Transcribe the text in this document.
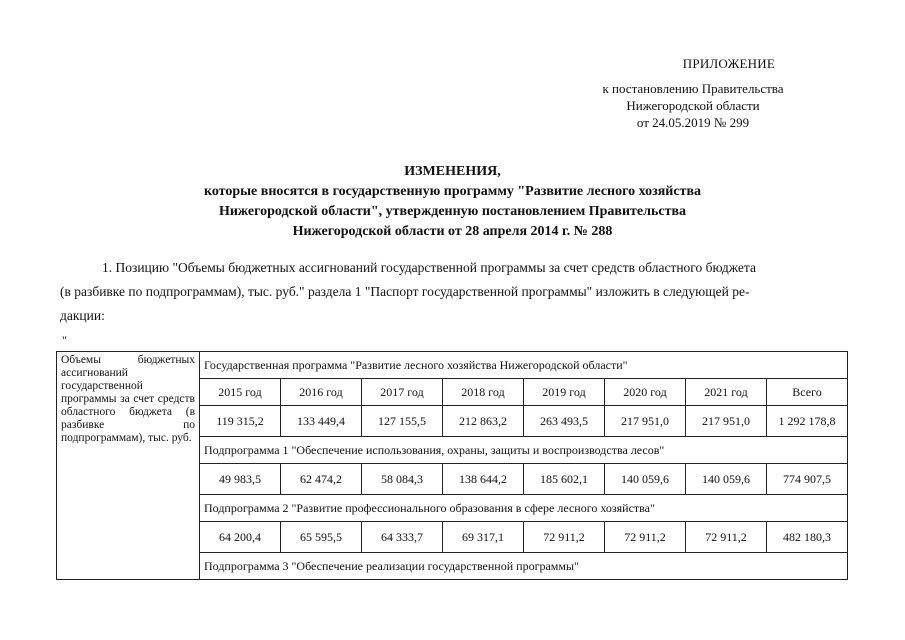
ПРИЛОЖЕНИЕ
к постановлению Правительства
Нижегородской области
от 24.05.2019 № 299
ИЗМЕНЕНИЯ,
которые вносятся в государственную программу "Развитие лесного хозяйства
Нижегородской области", утвержденную постановлением Правительства
Нижегородской области от 28 апреля 2014 г. № 288
1. Позицию "Объемы бюджетных ассигнований государственной программы за счет средств областного бюджета
(в разбивке по подпрограммам), тыс. руб." раздела 1 "Паспорт государственной программы" изложить в следующей ре-
дакции:
"
Объемы бюджетных ассигнований государственной программы за счет средств областного бюджета (в разбивке по подпрограммам), тыс. руб.	Государственная программа "Развитие лесного хозяйства Нижегородской области"							
	2015 год	2016 год	2017 год	2018 год	2019 год	2020 год	2021 год	Всего
	119 315,2	133 449,4	127 155,5	212 863,2	263 493,5	217 951,0	217 951,0	1 292 178,8
	Подпрограмма 1 "Обеспечение использования, охраны, защиты и воспроизводства лесов"							
	49 983,5	62 474,2	58 084,3	138 644,2	185 602,1	140 059,6	140 059,6	774 907,5
	Подпрограмма 2 "Развитие профессионального образования в сфере лесного хозяйства"							
	64 200,4	65 595,5	64 333,7	69 317,1	72 911,2	72 911,2	72 911,2	482 180,3
	Подпрограмма 3 "Обеспечение реализации государственной программы"							
